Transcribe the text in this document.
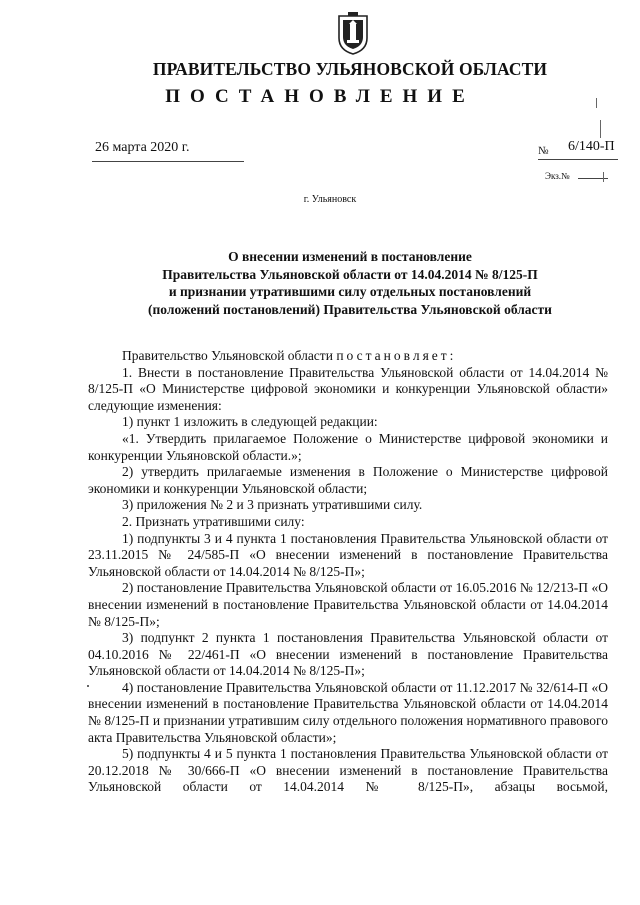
ПРАВИТЕЛЬСТВО УЛЬЯНОВСКОЙ ОБЛАСТИ
ПОСТАНОВЛЕНИЕ
26 марта 2020 г.	№ 6/140-П
Экз.№
г. Ульяновск
О внесении изменений в постановление
Правительства Ульяновской области от 14.04.2014 № 8/125-П
и признании утратившими силу отдельных постановлений
(положений постановлений) Правительства Ульяновской области

Правительство Ульяновской области постановляет:

1. Внести в постановление Правительства Ульяновской области от 14.04.2014 № 8/125-П «О Министерстве цифровой экономики и конкуренции Ульяновской области» следующие изменения:

1) пункт 1 изложить в следующей редакции:

«1. Утвердить прилагаемое Положение о Министерстве цифровой экономики и конкуренции Ульяновской области.»;

2) утвердить прилагаемые изменения в Положение о Министерстве цифровой экономики и конкуренции Ульяновской области;

3) приложения № 2 и 3 признать утратившими силу.

2. Признать утратившими силу:

1) подпункты 3 и 4 пункта 1 постановления Правительства Ульяновской области от 23.11.2015 № 24/585-П «О внесении изменений в постановление Правительства Ульяновской области от 14.04.2014 № 8/125-П»;

2) постановление Правительства Ульяновской области от 16.05.2016 № 12/213-П «О внесении изменений в постановление Правительства Ульяновской области от 14.04.2014 № 8/125-П»;

3) подпункт 2 пункта 1 постановления Правительства Ульяновской области от 04.10.2016 № 22/461-П «О внесении изменений в постановление Правительства Ульяновской области от 14.04.2014 № 8/125-П»;

4) постановление Правительства Ульяновской области от 11.12.2017 № 32/614-П «О внесении изменений в постановление Правительства Ульяновской области от 14.04.2014 № 8/125-П и признании утратившим силу отдельного положения нормативного правового акта Правительства Ульяновской области»;

5) подпункты 4 и 5 пункта 1 постановления Правительства Ульяновской области от 20.12.2018 № 30/666-П «О внесении изменений в постановление Правительства Ульяновской области от 14.04.2014 № 8/125-П», абзацы восьмой,
